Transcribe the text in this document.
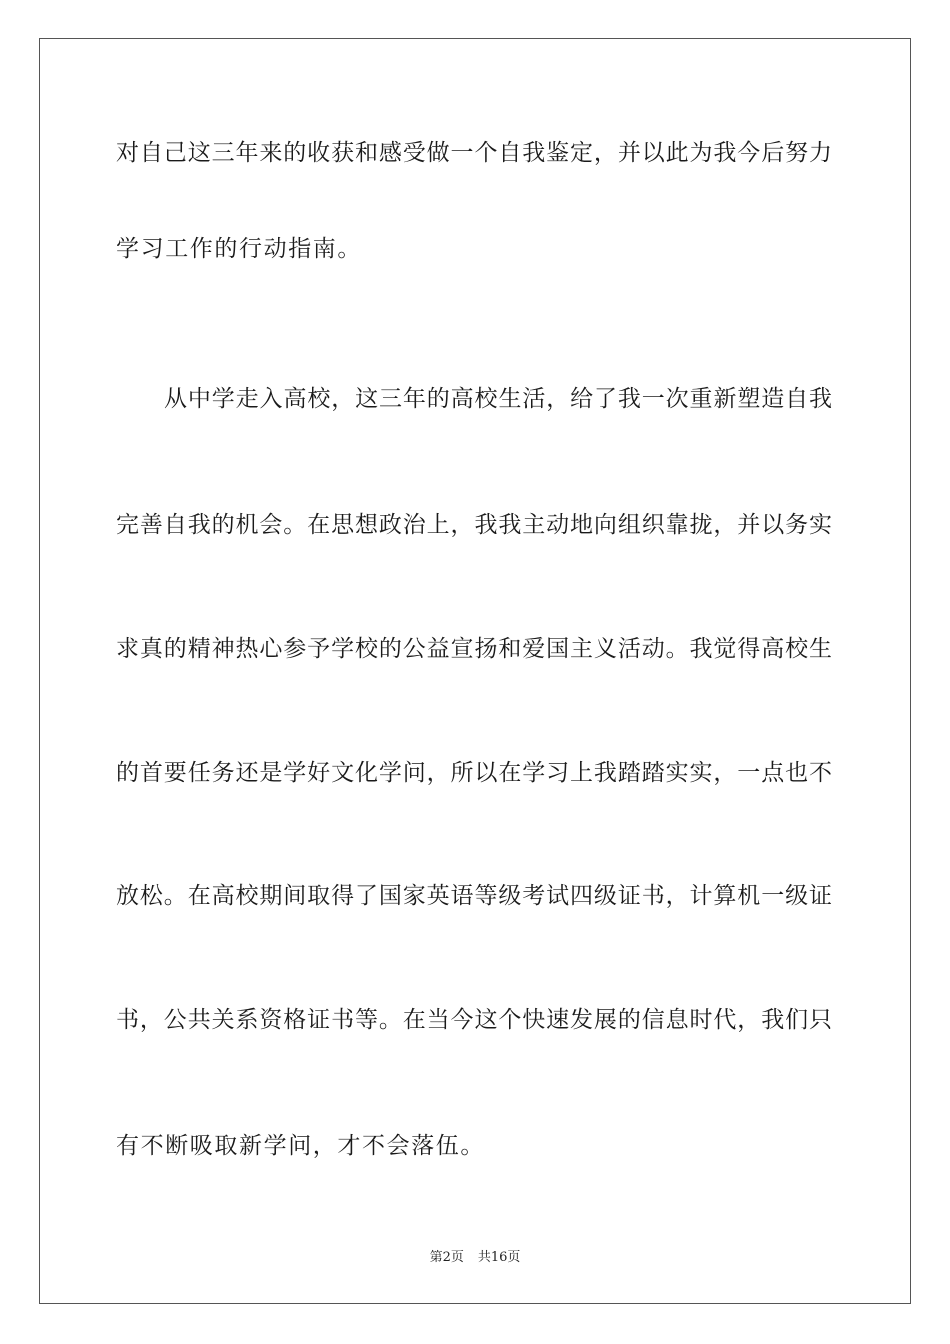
对自己这三年来的收获和感受做一个自我鉴定，并以此为我今后努力
学习工作的行动指南。
从中学走入高校，这三年的高校生活，给了我一次重新塑造自我
完善自我的机会。在思想政治上，我我主动地向组织靠拢，并以务实
求真的精神热心参予学校的公益宣扬和爱国主义活动。我觉得高校生
的首要任务还是学好文化学问，所以在学习上我踏踏实实，一点也不
放松。在高校期间取得了国家英语等级考试四级证书，计算机一级证
书，公共关系资格证书等。在当今这个快速发展的信息时代，我们只
有不断吸取新学问，才不会落伍。
第2页 共16页
